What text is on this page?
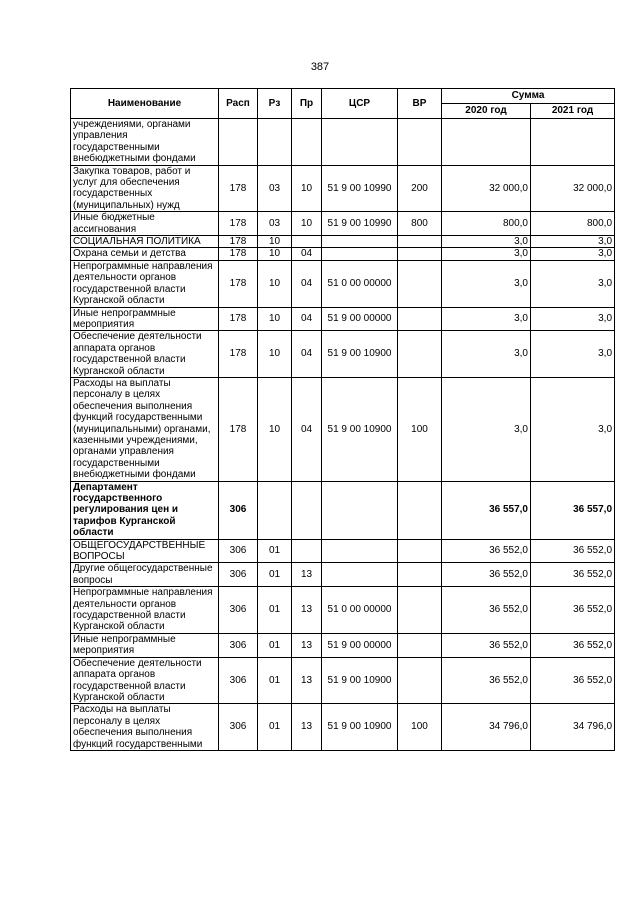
387
Наименование	Расп	Рз	Пр	ЦСР	ВР	Сумма	
						2020 год	2021 год
учреждениями, органами управления государственными внебюджетными фондами							
Закупка товаров, работ и услуг для обеспечения государственных (муниципальных) нужд	178	03	10	51 9 00 10990	200	32 000,0	32 000,0
Иные бюджетные ассигнования	178	03	10	51 9 00 10990	800	800,0	800,0
СОЦИАЛЬНАЯ ПОЛИТИКА	178	10				3,0	3,0
Охрана семьи и детства	178	10	04			3,0	3,0
Непрограммные направления деятельности органов государственной власти Курганской области	178	10	04	51 0 00 00000		3,0	3,0
Иные непрограммные мероприятия	178	10	04	51 9 00 00000		3,0	3,0
Обеспечение деятельности аппарата органов государственной власти Курганской области	178	10	04	51 9 00 10900		3,0	3,0
Расходы на выплаты персоналу в целях обеспечения выполнения функций государственными (муниципальными) органами, казенными учреждениями, органами управления государственными внебюджетными фондами	178	10	04	51 9 00 10900	100	3,0	3,0
Департамент государственного регулирования цен и тарифов Курганской области	306					36 557,0	36 557,0
ОБЩЕГОСУДАРСТВЕННЫЕ ВОПРОСЫ	306	01				36 552,0	36 552,0
Другие общегосударственные вопросы	306	01	13			36 552,0	36 552,0
Непрограммные направления деятельности органов государственной власти Курганской области	306	01	13	51 0 00 00000		36 552,0	36 552,0
Иные непрограммные мероприятия	306	01	13	51 9 00 00000		36 552,0	36 552,0
Обеспечение деятельности аппарата органов государственной власти Курганской области	306	01	13	51 9 00 10900		36 552,0	36 552,0
Расходы на выплаты персоналу в целях обеспечения выполнения функций государственными	306	01	13	51 9 00 10900	100	34 796,0	34 796,0
